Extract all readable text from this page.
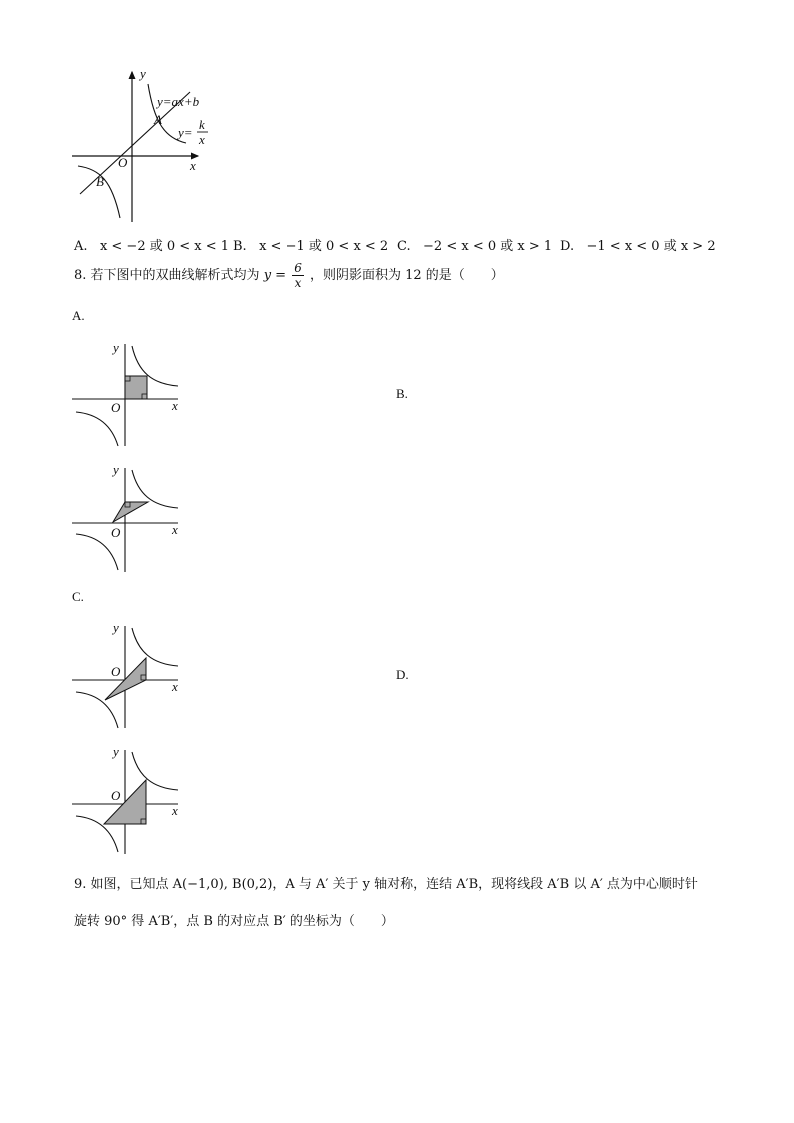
y
x
O
y=ax+b
A
B
y=
k
x
A. x < −2 或 0 < x < 1 B. x < −1 或 0 < x < 2 C. −2 < x < 0 或 x > 1 D. −1 < x < 0 或 x > 2
8. 若下图中的双曲线解析式均为 $y = \frac{6}{x}$ ，则阴影面积为 12 的是（　　）
A.
B.
C.
D.
y
x
O
y
x
O
y
x
O
y
x
O
9. 如图，已知点 A(−1,0), B(0,2)，A 与 A′ 关于 y 轴对称，连结 A′B，现将线段 A′B 以 A′ 点为中心顺时针
旋转 90° 得 A′B′，点 B 的对应点 B′ 的坐标为（　　）
